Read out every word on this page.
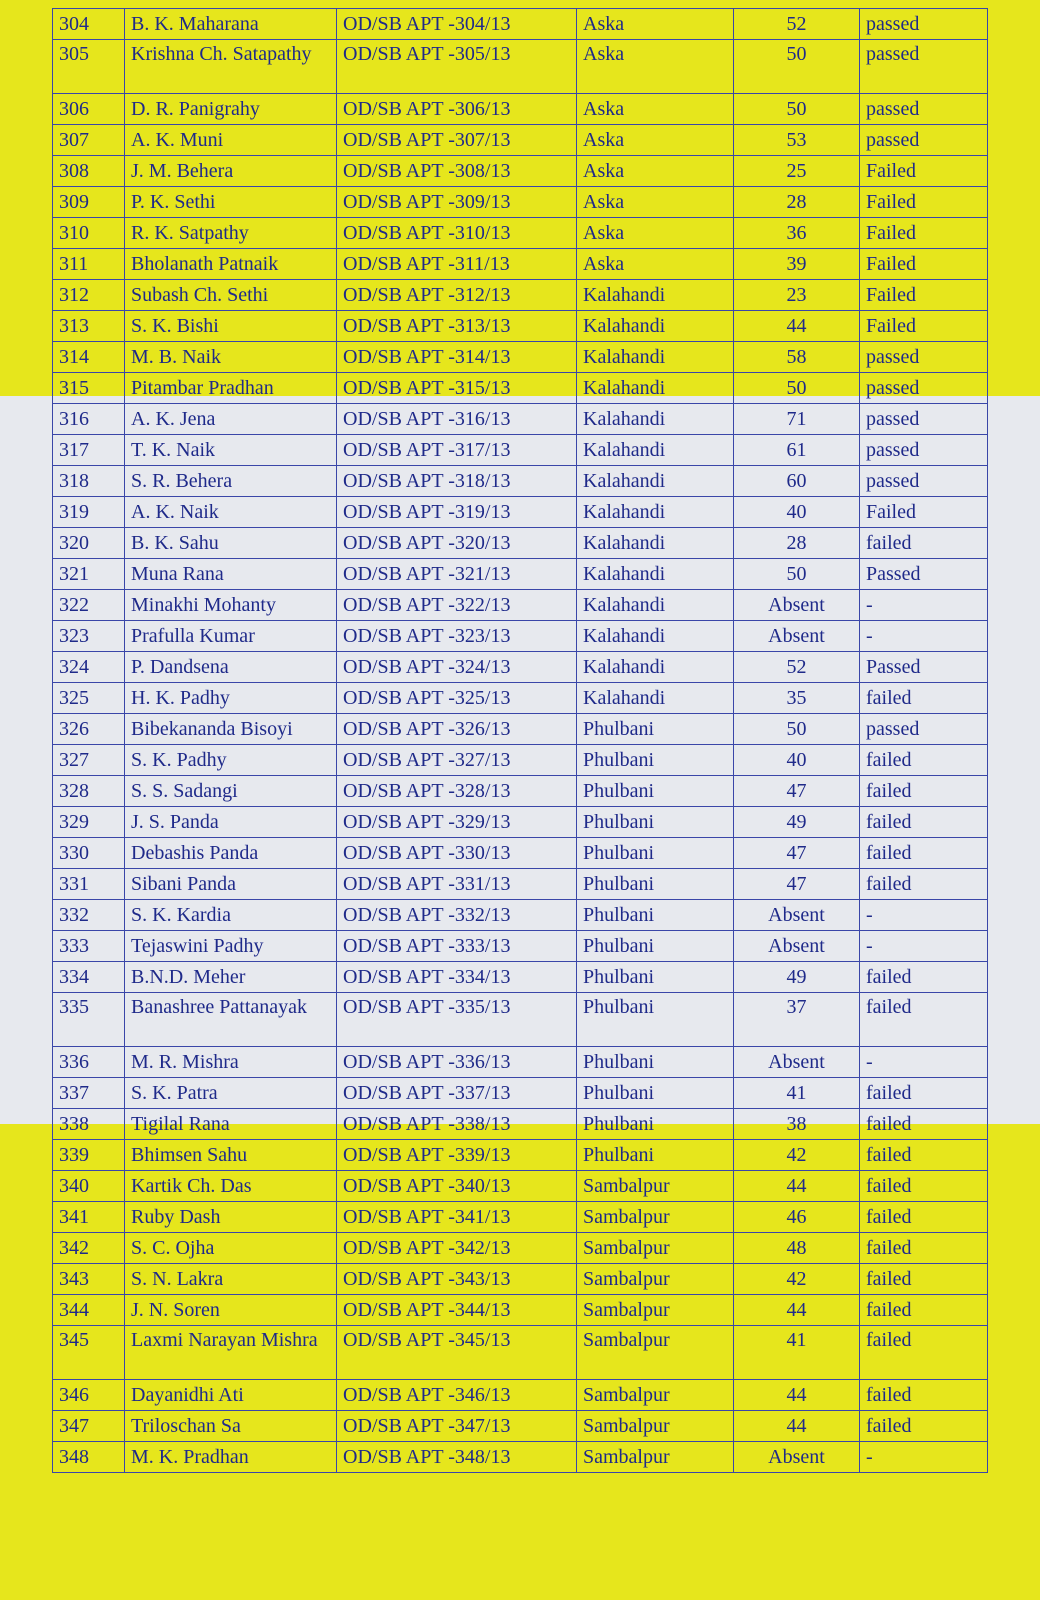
304	B. K. Maharana	OD/SB APT -304/13	Aska	52	passed
305	Krishna Ch. Satapathy	OD/SB APT -305/13	Aska	50	passed
306	D. R. Panigrahy	OD/SB APT -306/13	Aska	50	passed
307	A. K. Muni	OD/SB APT -307/13	Aska	53	passed
308	J. M. Behera	OD/SB APT -308/13	Aska	25	Failed
309	P. K. Sethi	OD/SB APT -309/13	Aska	28	Failed
310	R. K. Satpathy	OD/SB APT -310/13	Aska	36	Failed
311	Bholanath Patnaik	OD/SB APT -311/13	Aska	39	Failed
312	Subash Ch. Sethi	OD/SB APT -312/13	Kalahandi	23	Failed
313	S. K. Bishi	OD/SB APT -313/13	Kalahandi	44	Failed
314	M. B. Naik	OD/SB APT -314/13	Kalahandi	58	passed
315	Pitambar Pradhan	OD/SB APT -315/13	Kalahandi	50	passed
316	A. K. Jena	OD/SB APT -316/13	Kalahandi	71	passed
317	T. K. Naik	OD/SB APT -317/13	Kalahandi	61	passed
318	S. R. Behera	OD/SB APT -318/13	Kalahandi	60	passed
319	A. K. Naik	OD/SB APT -319/13	Kalahandi	40	Failed
320	B. K. Sahu	OD/SB APT -320/13	Kalahandi	28	failed
321	Muna Rana	OD/SB APT -321/13	Kalahandi	50	Passed
322	Minakhi Mohanty	OD/SB APT -322/13	Kalahandi	Absent	-
323	Prafulla Kumar	OD/SB APT -323/13	Kalahandi	Absent	-
324	P. Dandsena	OD/SB APT -324/13	Kalahandi	52	Passed
325	H. K. Padhy	OD/SB APT -325/13	Kalahandi	35	failed
326	Bibekananda Bisoyi	OD/SB APT -326/13	Phulbani	50	passed
327	S. K. Padhy	OD/SB APT -327/13	Phulbani	40	failed
328	S. S. Sadangi	OD/SB APT -328/13	Phulbani	47	failed
329	J. S. Panda	OD/SB APT -329/13	Phulbani	49	failed
330	Debashis Panda	OD/SB APT -330/13	Phulbani	47	failed
331	Sibani Panda	OD/SB APT -331/13	Phulbani	47	failed
332	S. K. Kardia	OD/SB APT -332/13	Phulbani	Absent	-
333	Tejaswini Padhy	OD/SB APT -333/13	Phulbani	Absent	-
334	B.N.D. Meher	OD/SB APT -334/13	Phulbani	49	failed
335	Banashree Pattanayak	OD/SB APT -335/13	Phulbani	37	failed
336	M. R. Mishra	OD/SB APT -336/13	Phulbani	Absent	-
337	S. K. Patra	OD/SB APT -337/13	Phulbani	41	failed
338	Tigilal Rana	OD/SB APT -338/13	Phulbani	38	failed
339	Bhimsen Sahu	OD/SB APT -339/13	Phulbani	42	failed
340	Kartik Ch. Das	OD/SB APT -340/13	Sambalpur	44	failed
341	Ruby Dash	OD/SB APT -341/13	Sambalpur	46	failed
342	S. C. Ojha	OD/SB APT -342/13	Sambalpur	48	failed
343	S. N. Lakra	OD/SB APT -343/13	Sambalpur	42	failed
344	J. N. Soren	OD/SB APT -344/13	Sambalpur	44	failed
345	Laxmi Narayan Mishra	OD/SB APT -345/13	Sambalpur	41	failed
346	Dayanidhi Ati	OD/SB APT -346/13	Sambalpur	44	failed
347	Triloschan Sa	OD/SB APT -347/13	Sambalpur	44	failed
348	M. K. Pradhan	OD/SB APT -348/13	Sambalpur	Absent	-
